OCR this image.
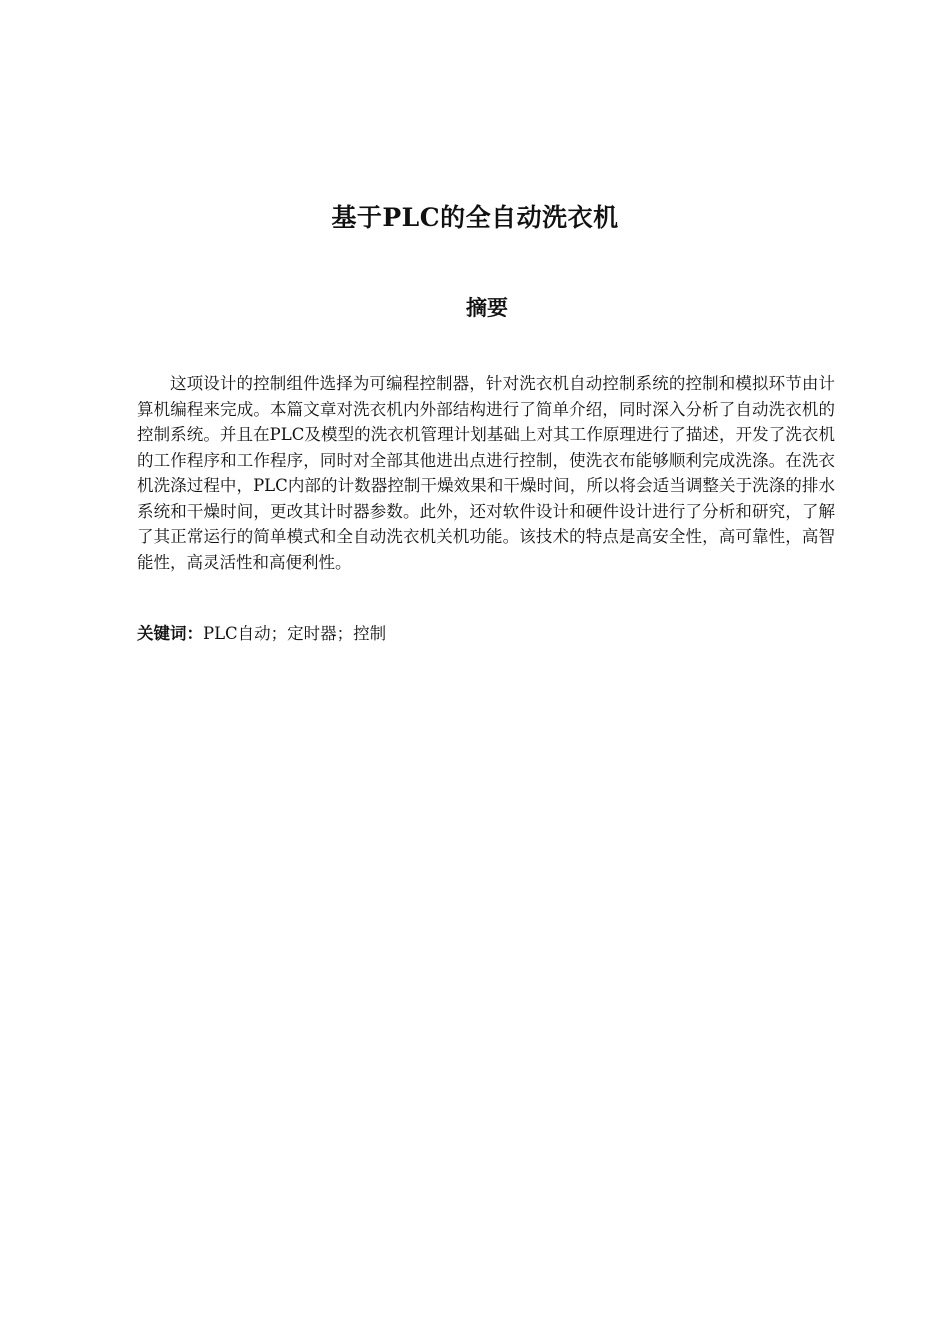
基于PLC的全自动洗衣机
摘要

这项设计的控制组件选择为可编程控制器，针对洗衣机自动控制系统的控制和模拟环节由计算机编程来完成。本篇文章对洗衣机内外部结构进行了简单介绍，同时深入分析了自动洗衣机的控制系统。并且在PLC及模型的洗衣机管理计划基础上对其工作原理进行了描述，开发了洗衣机的工作程序和工作程序，同时对全部其他进出点进行控制，使洗衣布能够顺利完成洗涤。在洗衣机洗涤过程中，PLC内部的计数器控制干燥效果和干燥时间，所以将会适当调整关于洗涤的排水系统和干燥时间，更改其计时器参数。此外，还对软件设计和硬件设计进行了分析和研究，了解了其正常运行的简单模式和全自动洗衣机关机功能。该技术的特点是高安全性，高可靠性，高智能性，高灵活性和高便利性。

关键词：PLC自动；定时器；控制
